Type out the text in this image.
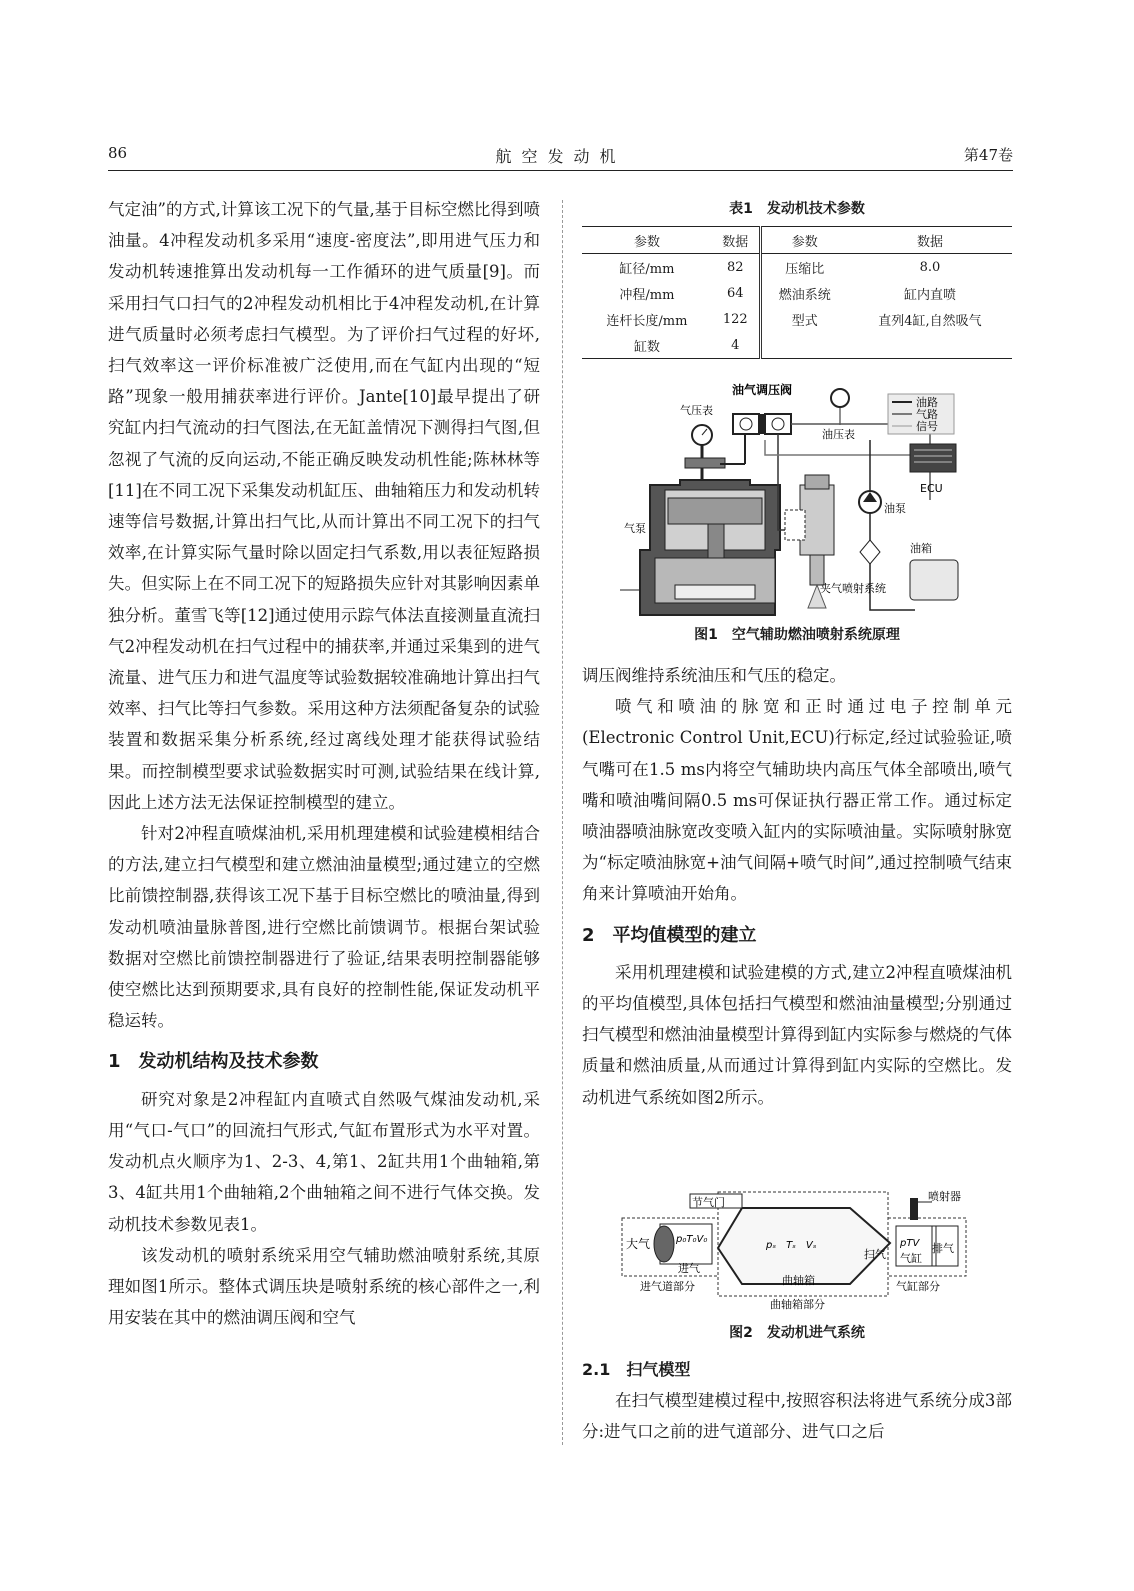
86	航空发动机	第47卷

气定油”的方式,计算该工况下的气量,基于目标空燃比得到喷油量。4冲程发动机多采用“速度-密度法”,即用进气压力和发动机转速推算出发动机每一工作循环的进气质量[9]。而采用扫气口扫气的2冲程发动机相比于4冲程发动机,在计算进气质量时必须考虑扫气模型。为了评价扫气过程的好坏,扫气效率这一评价标准被广泛使用,而在气缸内出现的“短路”现象一般用捕获率进行评价。Jante[10]最早提出了研究缸内扫气流动的扫气图法,在无缸盖情况下测得扫气图,但忽视了气流的反向运动,不能正确反映发动机性能;陈林林等[11]在不同工况下采集发动机缸压、曲轴箱压力和发动机转速等信号数据,计算出扫气比,从而计算出不同工况下的扫气效率,在计算实际气量时除以固定扫气系数,用以表征短路损失。但实际上在不同工况下的短路损失应针对其影响因素单独分析。董雪飞等[12]通过使用示踪气体法直接测量直流扫气2冲程发动机在扫气过程中的捕获率,并通过采集到的进气流量、进气压力和进气温度等试验数据较准确地计算出扫气效率、扫气比等扫气参数。采用这种方法须配备复杂的试验装置和数据采集分析系统,经过离线处理才能获得试验结果。而控制模型要求试验数据实时可测,试验结果在线计算,因此上述方法无法保证控制模型的建立。

针对2冲程直喷煤油机,采用机理建模和试验建模相结合的方法,建立扫气模型和建立燃油油量模型;通过建立的空燃比前馈控制器,获得该工况下基于目标空燃比的喷油量,得到发动机喷油量脉普图,进行空燃比前馈调节。根据台架试验数据对空燃比前馈控制器进行了验证,结果表明控制器能够使空燃比达到预期要求,具有良好的控制性能,保证发动机平稳运转。

1　发动机结构及技术参数

研究对象是2冲程缸内直喷式自然吸气煤油发动机,采用“气口-气口”的回流扫气形式,气缸布置形式为水平对置。发动机点火顺序为1、2-3、4,第1、2缸共用1个曲轴箱,第3、4缸共用1个曲轴箱,2个曲轴箱之间不进行气体交换。发动机技术参数见表1。

该发动机的喷射系统采用空气辅助燃油喷射系统,其原理如图1所示。整体式调压块是喷射系统的核心部件之一,利用安装在其中的燃油调压阀和空气

表1　发动机技术参数
参数	数据	参数	数据
缸径/mm	82	压缩比	8.0
冲程/mm	64	燃油系统	缸内直喷
连杆长度/mm	122	型式	直列4缸,自然吸气
缸数	4		
油气调压阀
气压表
油压表
气泵
ECU
油泵
油箱
夹气喷射系统
油路
气路
信号
图1　空气辅助燃油喷射系统原理

调压阀维持系统油压和气压的稳定。

喷气和喷油的脉宽和正时通过电子控制单元(Electronic Control Unit,ECU)行标定,经过试验验证,喷气嘴可在1.5 ms内将空气辅助块内高压气体全部喷出,喷气嘴和喷油嘴间隔0.5 ms可保证执行器正常工作。通过标定喷油器喷油脉宽改变喷入缸内的实际喷油量。实际喷射脉宽为“标定喷油脉宽+油气间隔+喷气时间”,通过控制喷气结束角来计算喷油开始角。

2　平均值模型的建立

采用机理建模和试验建模的方式,建立2冲程直喷煤油机的平均值模型,具体包括扫气模型和燃油油量模型;分别通过扫气模型和燃油油量模型计算得到缸内实际参与燃烧的气体质量和燃油质量,从而通过计算得到缸内实际的空燃比。发动机进气系统如图2所示。

节气门
大气	p₀T₀V₀
进气
进气道部分
pₛ　Tₛ　Vₛ
曲轴箱
曲轴箱部分
扫气
pTV
气缸
排气
喷射器
气缸部分
图2　发动机进气系统

2.1　扫气模型

在扫气模型建模过程中,按照容积法将进气系统分成3部分:进气口之前的进气道部分、进气口之后
